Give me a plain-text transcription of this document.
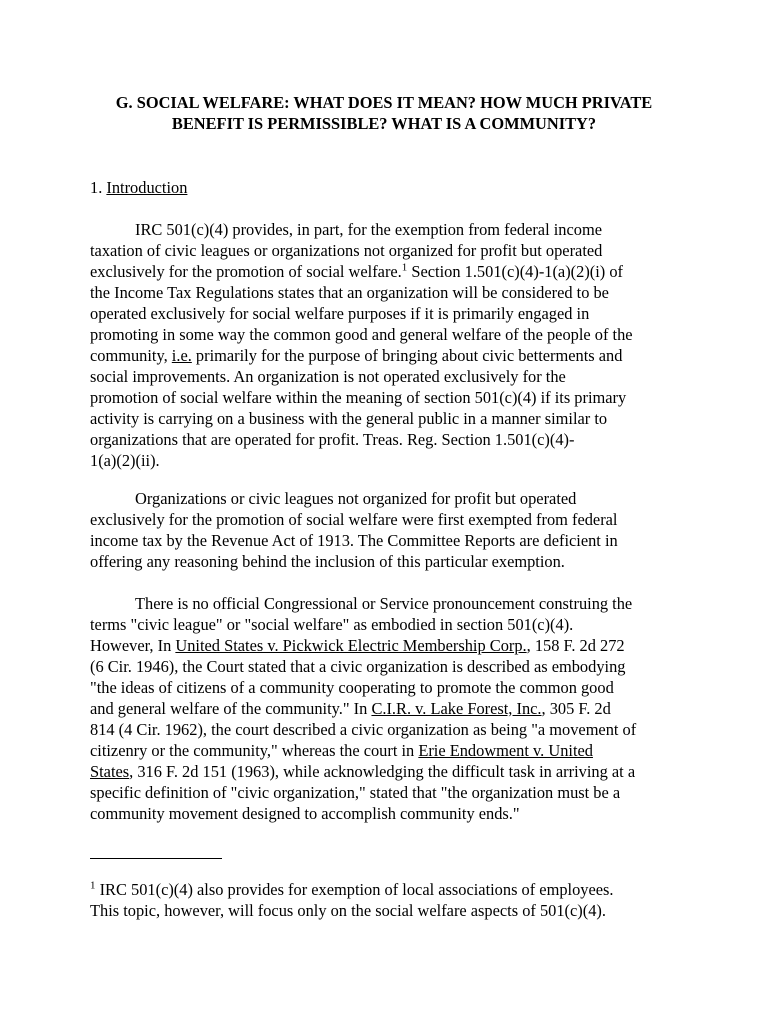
G. SOCIAL WELFARE: WHAT DOES IT MEAN? HOW MUCH PRIVATE
BENEFIT IS PERMISSIBLE? WHAT IS A COMMUNITY?
1. Introduction
IRC 501(c)(4) provides, in part, for the exemption from federal income
taxation of civic leagues or organizations not organized for profit but operated
exclusively for the promotion of social welfare.$^1$ Section 1.501(c)(4)-1(a)(2)(i) of
the Income Tax Regulations states that an organization will be considered to be
operated exclusively for social welfare purposes if it is primarily engaged in
promoting in some way the common good and general welfare of the people of the
community, i.e. primarily for the purpose of bringing about civic betterments and
social improvements. An organization is not operated exclusively for the
promotion of social welfare within the meaning of section 501(c)(4) if its primary
activity is carrying on a business with the general public in a manner similar to
organizations that are operated for profit. Treas. Reg. Section 1.501(c)(4)-
1(a)(2)(ii).
Organizations or civic leagues not organized for profit but operated
exclusively for the promotion of social welfare were first exempted from federal
income tax by the Revenue Act of 1913. The Committee Reports are deficient in
offering any reasoning behind the inclusion of this particular exemption.
There is no official Congressional or Service pronouncement construing the
terms "civic league" or "social welfare" as embodied in section 501(c)(4).
However, In United States v. Pickwick Electric Membership Corp., 158 F. 2d 272
(6 Cir. 1946), the Court stated that a civic organization is described as embodying
"the ideas of citizens of a community cooperating to promote the common good
and general welfare of the community." In C.I.R. v. Lake Forest, Inc., 305 F. 2d
814 (4 Cir. 1962), the court described a civic organization as being "a movement of
citizenry or the community," whereas the court in Erie Endowment v. United
States, 316 F. 2d 151 (1963), while acknowledging the difficult task in arriving at a
specific definition of "civic organization," stated that "the organization must be a
community movement designed to accomplish community ends."
$^1$ IRC 501(c)(4) also provides for exemption of local associations of employees.
This topic, however, will focus only on the social welfare aspects of 501(c)(4).
